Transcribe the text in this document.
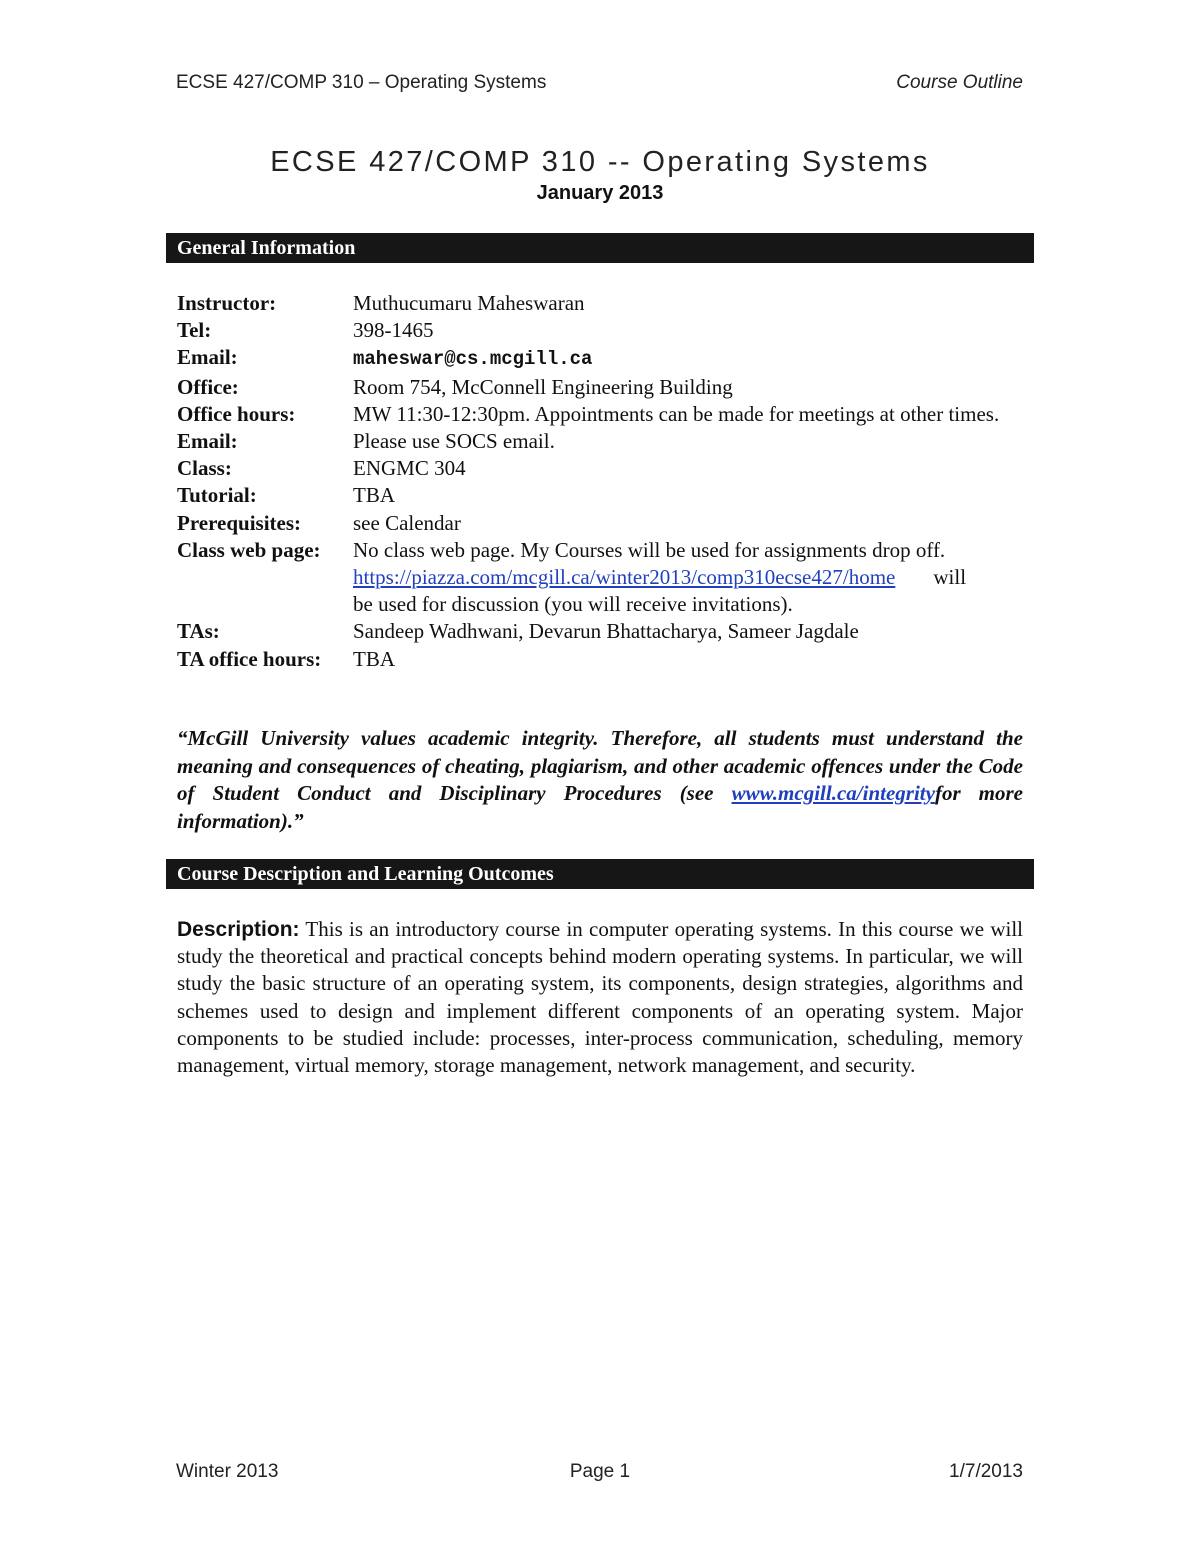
ECSE 427/COMP 310 – Operating Systems	Course Outline
ECSE 427/COMP 310 -- Operating Systems
January 2013
General Information
Instructor:	Muthucumaru Maheswaran
Tel:	398-1465
Email:	maheswar@cs.mcgill.ca
Office:	Room 754, McConnell Engineering Building
Office hours:	MW 11:30-12:30pm. Appointments can be made for meetings at other times.
Email:	Please use SOCS email.
Class:	ENGMC 304
Tutorial:	TBA
Prerequisites:	see Calendar
Class web page:	No class web page. My Courses will be used for assignments drop off.
https://piazza.com/mcgill.ca/winter2013/comp310ecse427/home will
be used for discussion (you will receive invitations).
TAs:	Sandeep Wadhwani, Devarun Bhattacharya, Sameer Jagdale
TA office hours:	TBA
“McGill University values academic integrity. Therefore, all students must understand the meaning and consequences of cheating, plagiarism, and other academic offences under the Code of Student Conduct and Disciplinary Procedures (see www.mcgill.ca/integrityfor more information).”
Course Description and Learning Outcomes
Description: This is an introductory course in computer operating systems. In this course we will study the theoretical and practical concepts behind modern operating systems. In particular, we will study the basic structure of an operating system, its components, design strategies, algorithms and schemes used to design and implement different components of an operating system. Major components to be studied include: processes, inter-process communication, scheduling, memory management, virtual memory, storage management, network management, and security.
Winter 2013	Page 1	1/7/2013
